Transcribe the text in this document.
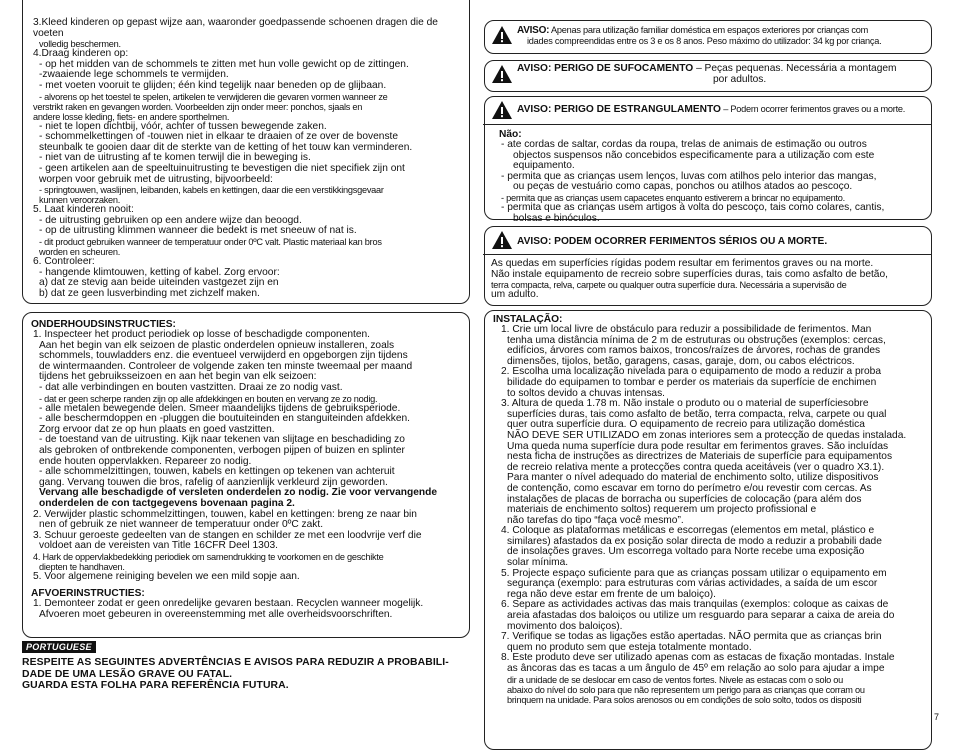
3.Kleed kinderen op gepast wijze aan, waaronder goedpassende schoenen dragen die de voeten

volledig beschermen.

4.Draag kinderen op:

- op het midden van de schommels te zitten met hun volle gewicht op de zittingen.

-zwaaiende lege schommels te vermijden.

- met voeten vooruit te glijden; één kind tegelijk naar beneden op de glijbaan.

- alvorens op het toestel te spelen, artikelen te verwijderen die gevaren vormen wanneer ze

verstrikt raken en gevangen worden. Voorbeelden zijn onder meer: ponchos, sjaals en

andere losse kleding, fiets- en andere sporthelmen.

- niet te lopen dichtbij, vóór, achter of tussen bewegende zaken.

- schommelkettingen of -touwen niet in elkaar te draaien of ze over de bovenste

steunbalk te gooien daar dit de sterkte van de ketting of het touw kan verminderen.

- niet van de uitrusting af te komen terwijl die in beweging is.

- geen artikelen aan de speeltuinuitrusting te bevestigen die niet specifiek zijn ont

worpen voor gebruik met de uitrusting, bijvoorbeeld:

- springtouwen, waslijnen, leibanden, kabels en kettingen, daar die een verstikkingsgevaar

kunnen veroorzaken.

5. Laat kinderen nooit:

- de uitrusting gebruiken op een andere wijze dan beoogd.

- op de uitrusting klimmen wanneer die bedekt is met sneeuw of nat is.

- dit product gebruiken wanneer de temperatuur onder 0ºC valt. Plastic materiaal kan bros

worden en scheuren.

6. Controleer:

- hangende klimtouwen, ketting of kabel. Zorg ervoor:

a) dat ze stevig aan beide uiteinden vastgezet zijn en

b) dat ze geen lusverbinding met zichzelf maken.

ONDERHOUDSINSTRUCTIES:

1. Inspecteer het product periodiek op losse of beschadigde componenten.

Aan het begin van elk seizoen de plastic onderdelen opnieuw installeren, zoals

schommels, touwladders enz. die eventueel verwijderd en opgeborgen zijn tijdens

de wintermaanden. Controleer de volgende zaken ten minste tweemaal per maand

tijdens het gebruiksseizoen en aan het begin van elk seizoen:

- dat alle verbindingen en bouten vastzitten. Draai ze zo nodig vast.

- dat er geen scherpe randen zijn op alle afdekkingen en bouten en vervang ze zo nodig.

- alle metalen bewegende delen. Smeer maandelijks tijdens de gebruiksperiode.

- alle beschermdoppen en -pluggen die boutuiteinden en stanguiteinden afdekken.

Zorg ervoor dat ze op hun plaats en goed vastzitten.

- de toestand van de uitrusting. Kijk naar tekenen van slijtage en beschadiding zo

als gebroken of ontbrekende componenten, verbogen pijpen of buizen en splinter

ende houten oppervlakken. Repareer zo nodig.

- alle schommelzittingen, touwen, kabels en kettingen op tekenen van achteruit

gang. Vervang touwen die bros, rafelig of aanzienlijk verkleurd zijn geworden.

Vervang alle beschadigde of versleten onderdelen zo nodig. Zie voor vervangende

onderdelen de con tactgegevens bovenaan pagina 2.

2. Verwijder plastic schommelzittingen, touwen, kabel en kettingen: breng ze naar bin

nen of gebruik ze niet wanneer de temperatuur onder 0ºC zakt.

3. Schuur geroeste gedeelten van de stangen en schilder ze met een loodvrije verf die

voldoet aan de vereisten van Title 16CFR Deel 1303.

4. Hark de oppervlakbedekking periodiek om samendrukking te voorkomen en de geschikte

diepten te handhaven.

5. Voor algemene reiniging bevelen we een mild sopje aan.

AFVOERINSTRUCTIES:

1. Demonteer zodat er geen onredelijke gevaren bestaan. Recyclen wanneer mogelijk.

Afvoeren moet gebeuren in overeenstemming met alle overheidsvoorschriften.

PORTUGUESE
RESPEITE AS SEGUINTES ADVERTÊNCIAS E AVISOS PARA REDUZIR A PROBABILI-
DADE DE UMA LESÃO GRAVE OU FATAL.
GUARDA ESTA FOLHA PARA REFERÊNCIA FUTURA.

AVISO: Apenas para utilização familiar doméstica em espaços exteriores por crianças com

idades compreendidas entre os 3 e os 8 anos. Peso máximo do utilizador: 34 kg por criança.

AVISO: PERIGO DE SUFOCAMENTO – Peças pequenas. Necessária a montagem

por adultos.

AVISO: PERIGO DE ESTRANGULAMENTO – Podem ocorrer ferimentos graves ou a morte.

Não:

- ate cordas de saltar, cordas da roupa, trelas de animais de estimação ou outros

objectos suspensos não concebidos especificamente para a utilização com este

equipamento.

- permita que as crianças usem lenços, luvas com atilhos pelo interior das mangas,

ou peças de vestuário como capas, ponchos ou atilhos atados ao pescoço.

- permita que as crianças usem capacetes enquanto estiverem a brincar no equipamento.

- permita que as crianças usem artigos à volta do pescoço, tais como colares, cantis,

bolsas e binóculos.

AVISO: PODEM OCORRER FERIMENTOS SÉRIOS OU A MORTE.

As quedas em superfícies rígidas podem resultar em ferimentos graves ou na morte.

Não instale equipamento de recreio sobre superfícies duras, tais como asfalto de betão,

terra compacta, relva, carpete ou qualquer outra superfície dura. Necessária a supervisão de

um adulto.

INSTALAÇÃO:

1. Crie um local livre de obstáculo para reduzir a possibilidade de ferimentos. Man

tenha uma distância mínima de 2 m de estruturas ou obstruções (exemplos: cercas,

edifícios, árvores com ramos baixos, troncos/raízes de árvores, rochas de grandes

dimensões, tijolos, betão, garagens, casas, garaje, dom, ou cabos eléctricos.

2. Escolha uma localização nivelada para o equipamento de modo a reduzir a proba

bilidade do equipamen to tombar e perder os materiais da superfície de enchimen

to soltos devido a chuvas intensas.

3. Altura de queda 1.78 m. Não instale o produto ou o material de superfíciesobre

superfícies duras, tais como asfalto de betão, terra compacta, relva, carpete ou qual

quer outra superfície dura. O equipamento de recreio para utilização doméstica

NÃO DEVE SER UTILIZADO em zonas interiores sem a protecção de quedas instalada.

Uma queda numa superfície dura pode resultar em ferimentos graves. São incluídas

nesta ficha de instruções as directrizes de Materiais de superfície para equipamentos

de recreio relativa mente a protecções contra queda aceitáveis (ver o quadro X3.1).

Para manter o nível adequado do material de enchimento solto, utilize dispositivos

de contenção, como escavar em torno do perímetro e/ou revestir com cercas. As

instalações de placas de borracha ou superfícies de colocação (para além dos

materiais de enchimento soltos) requerem um projecto profissional e

não tarefas do tipo “faça você mesmo”.

4. Coloque as plataformas metálicas e escorregas (elementos em metal, plástico e

similares) afastados da ex posição solar directa de modo a reduzir a probabili dade

de insolações graves. Um escorrega voltado para Norte recebe uma exposição

solar mínima.

5. Projecte espaço suficiente para que as crianças possam utilizar o equipamento em

segurança (exemplo: para estruturas com várias actividades, a saída de um escor

rega não deve estar em frente de um baloiço).

6. Separe as actividades activas das mais tranquilas (exemplos: coloque as caixas de

areia afastadas dos baloiços ou utilize um resguardo para separar a caixa de areia do

movimento dos baloiços).

7. Verifique se todas as ligações estão apertadas. NÃO permita que as crianças brin

quem no produto sem que esteja totalmente montado.

8. Este produto deve ser utilizado apenas com as estacas de fixação montadas. Instale

as âncoras das es tacas a um ângulo de 45º em relação ao solo para ajudar a impe

dir a unidade de se deslocar em caso de ventos fortes. Nivele as estacas com o solo ou

abaixo do nível do solo para que não representem um perigo para as crianças que corram ou

brinquem na unidade. Para solos arenosos ou em condições de solo solto, todos os dispositi

7
